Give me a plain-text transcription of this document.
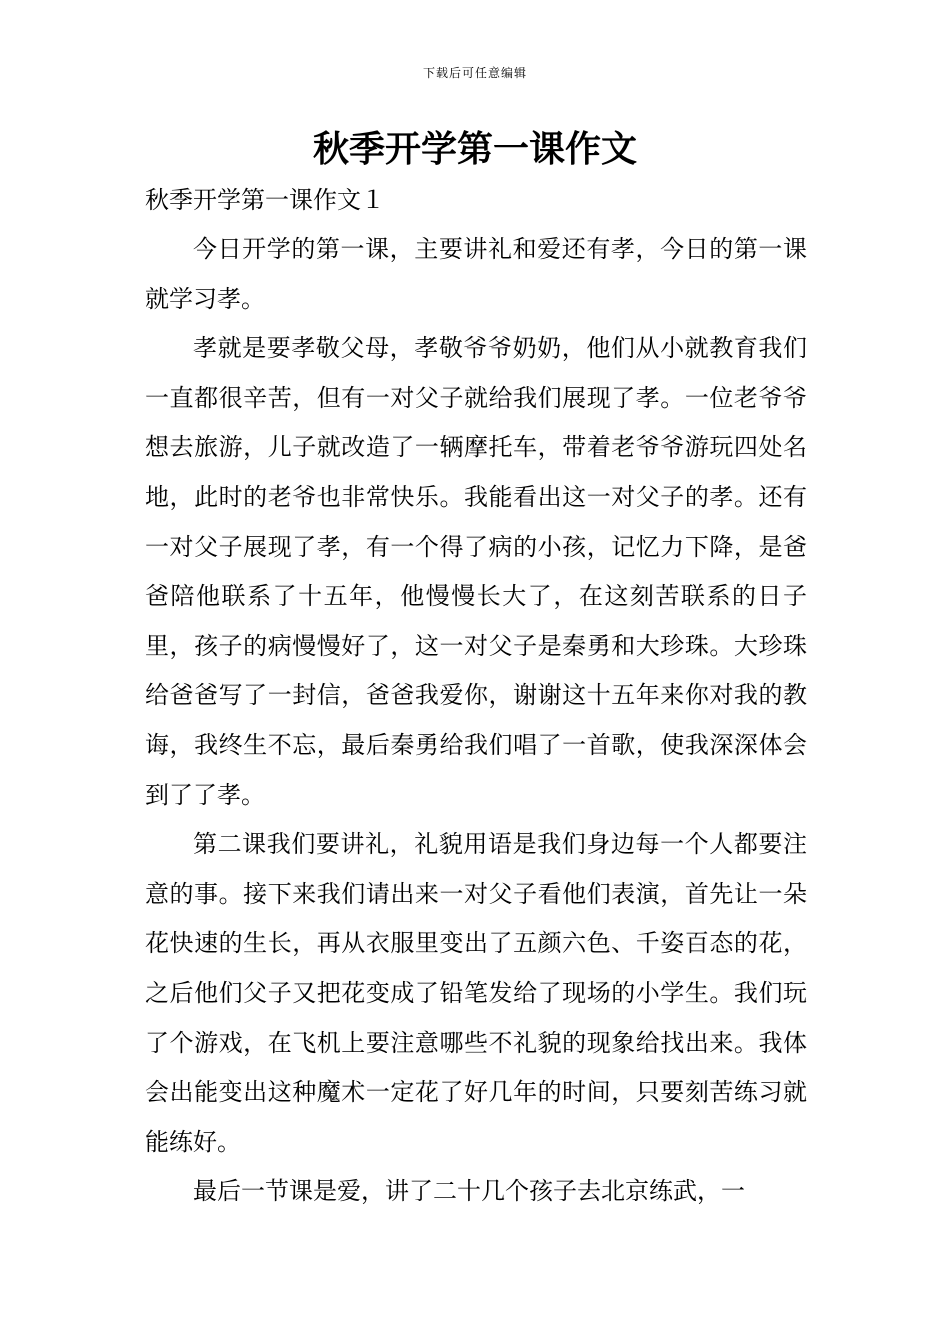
下载后可任意编辑
秋季开学第一课作文
秋季开学第一课作文１

今日开学的第一课，主要讲礼和爱还有孝，今日的第一课就学习孝。

孝就是要孝敬父母，孝敬爷爷奶奶，他们从小就教育我们一直都很辛苦，但有一对父子就给我们展现了孝。一位老爷爷想去旅游，儿子就改造了一辆摩托车，带着老爷爷游玩四处名地，此时的老爷也非常快乐。我能看出这一对父子的孝。还有一对父子展现了孝，有一个得了病的小孩，记忆力下降，是爸爸陪他联系了十五年，他慢慢长大了，在这刻苦联系的日子里，孩子的病慢慢好了，这一对父子是秦勇和大珍珠。大珍珠给爸爸写了一封信，爸爸我爱你，谢谢这十五年来你对我的教诲，我终生不忘，最后秦勇给我们唱了一首歌，使我深深体会到了了孝。

第二课我们要讲礼，礼貌用语是我们身边每一个人都要注意的事。接下来我们请出来一对父子看他们表演，首先让一朵花快速的生长，再从衣服里变出了五颜六色、千姿百态的花，之后他们父子又把花变成了铅笔发给了现场的小学生。我们玩了个游戏，在飞机上要注意哪些不礼貌的现象给找出来。我体会出能变出这种魔术一定花了好几年的时间，只要刻苦练习就能练好。

最后一节课是爱，讲了二十几个孩子去北京练武，一
